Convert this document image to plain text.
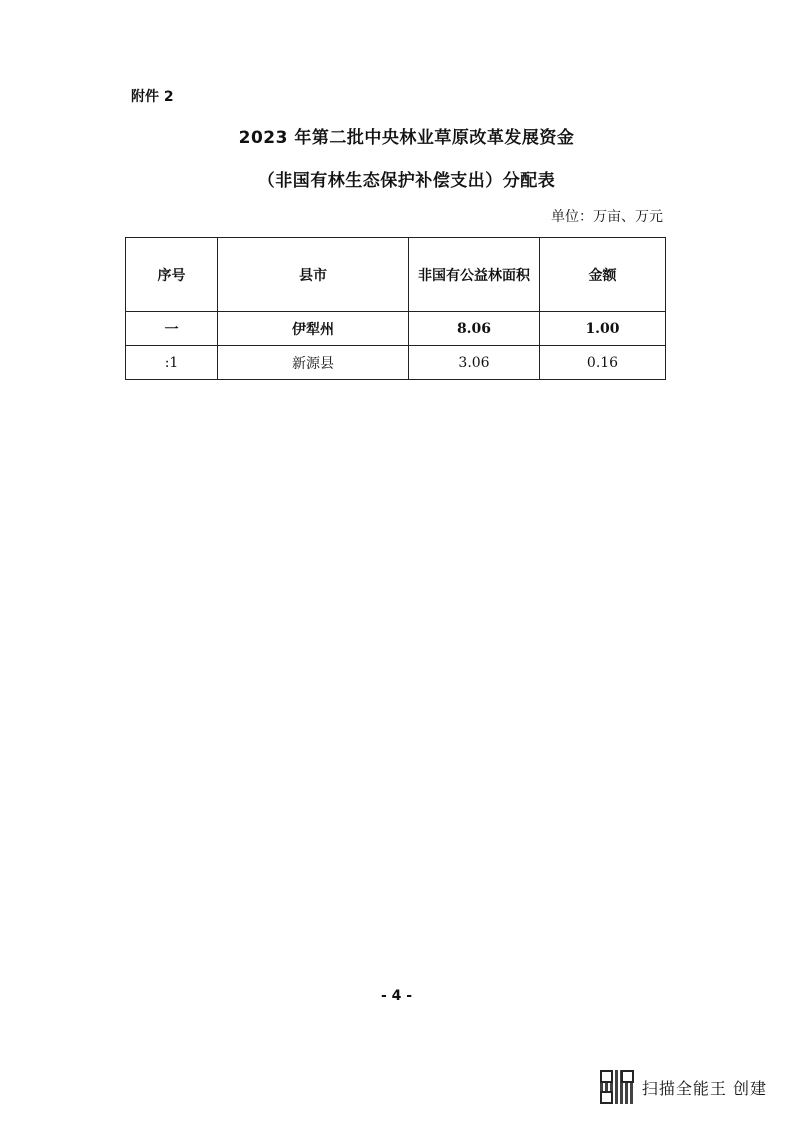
附件 2
2023 年第二批中央林业草原改革发展资金
（非国有林生态保护补偿支出）分配表
单位：万亩、万元
序号	县市	非国有公益林面积	金额
一	伊犁州	8.06	1.00
:1	新源县	3.06	0.16
- 4 -
扫描全能王 创建
